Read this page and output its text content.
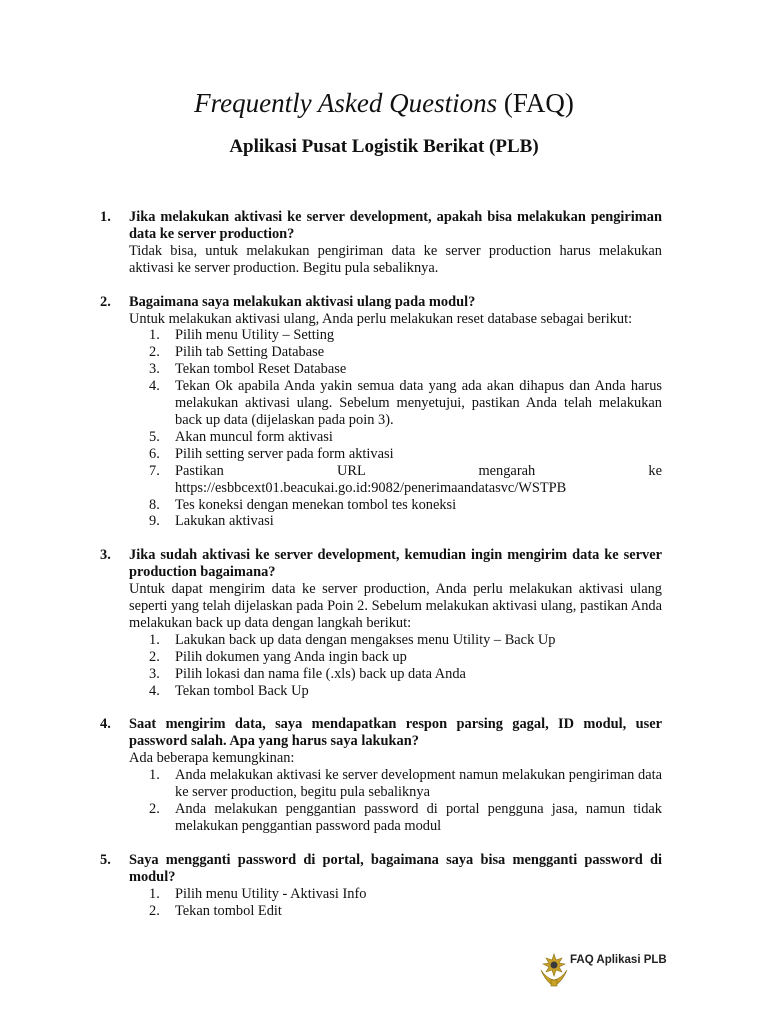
Frequently Asked Questions (FAQ)
Aplikasi Pusat Logistik Berikat (PLB)
1. Jika melakukan aktivasi ke server development, apakah bisa melakukan pengiriman data ke server production?
Tidak bisa, untuk melakukan pengiriman data ke server production harus melakukan aktivasi ke server production. Begitu pula sebaliknya.
2. Bagaimana saya melakukan aktivasi ulang pada modul?
Untuk melakukan aktivasi ulang, Anda perlu melakukan reset database sebagai berikut:
1. Pilih menu Utility – Setting
2. Pilih tab Setting Database
3. Tekan tombol Reset Database
4. Tekan Ok apabila Anda yakin semua data yang ada akan dihapus dan Anda harus melakukan aktivasi ulang. Sebelum menyetujui, pastikan Anda telah melakukan back up data (dijelaskan pada poin 3).
5. Akan muncul form aktivasi
6. Pilih setting server pada form aktivasi
7. Pastikan URL mengarah ke https://esbbcext01.beacukai.go.id:9082/penerimaandatasvc/WSTPB
8. Tes koneksi dengan menekan tombol tes koneksi
9. Lakukan aktivasi
3. Jika sudah aktivasi ke server development, kemudian ingin mengirim data ke server production bagaimana?
Untuk dapat mengirim data ke server production, Anda perlu melakukan aktivasi ulang seperti yang telah dijelaskan pada Poin 2. Sebelum melakukan aktivasi ulang, pastikan Anda melakukan back up data dengan langkah berikut:
1. Lakukan back up data dengan mengakses menu Utility – Back Up
2. Pilih dokumen yang Anda ingin back up
3. Pilih lokasi dan nama file (.xls) back up data Anda
4. Tekan tombol Back Up
4. Saat mengirim data, saya mendapatkan respon parsing gagal, ID modul, user password salah. Apa yang harus saya lakukan?
Ada beberapa kemungkinan:
1. Anda melakukan aktivasi ke server development namun melakukan pengiriman data ke server production, begitu pula sebaliknya
2. Anda melakukan penggantian password di portal pengguna jasa, namun tidak melakukan penggantian password pada modul
5. Saya mengganti password di portal, bagaimana saya bisa mengganti password di modul?
1. Pilih menu Utility - Aktivasi Info
2. Tekan tombol Edit
FAQ Aplikasi PLB
